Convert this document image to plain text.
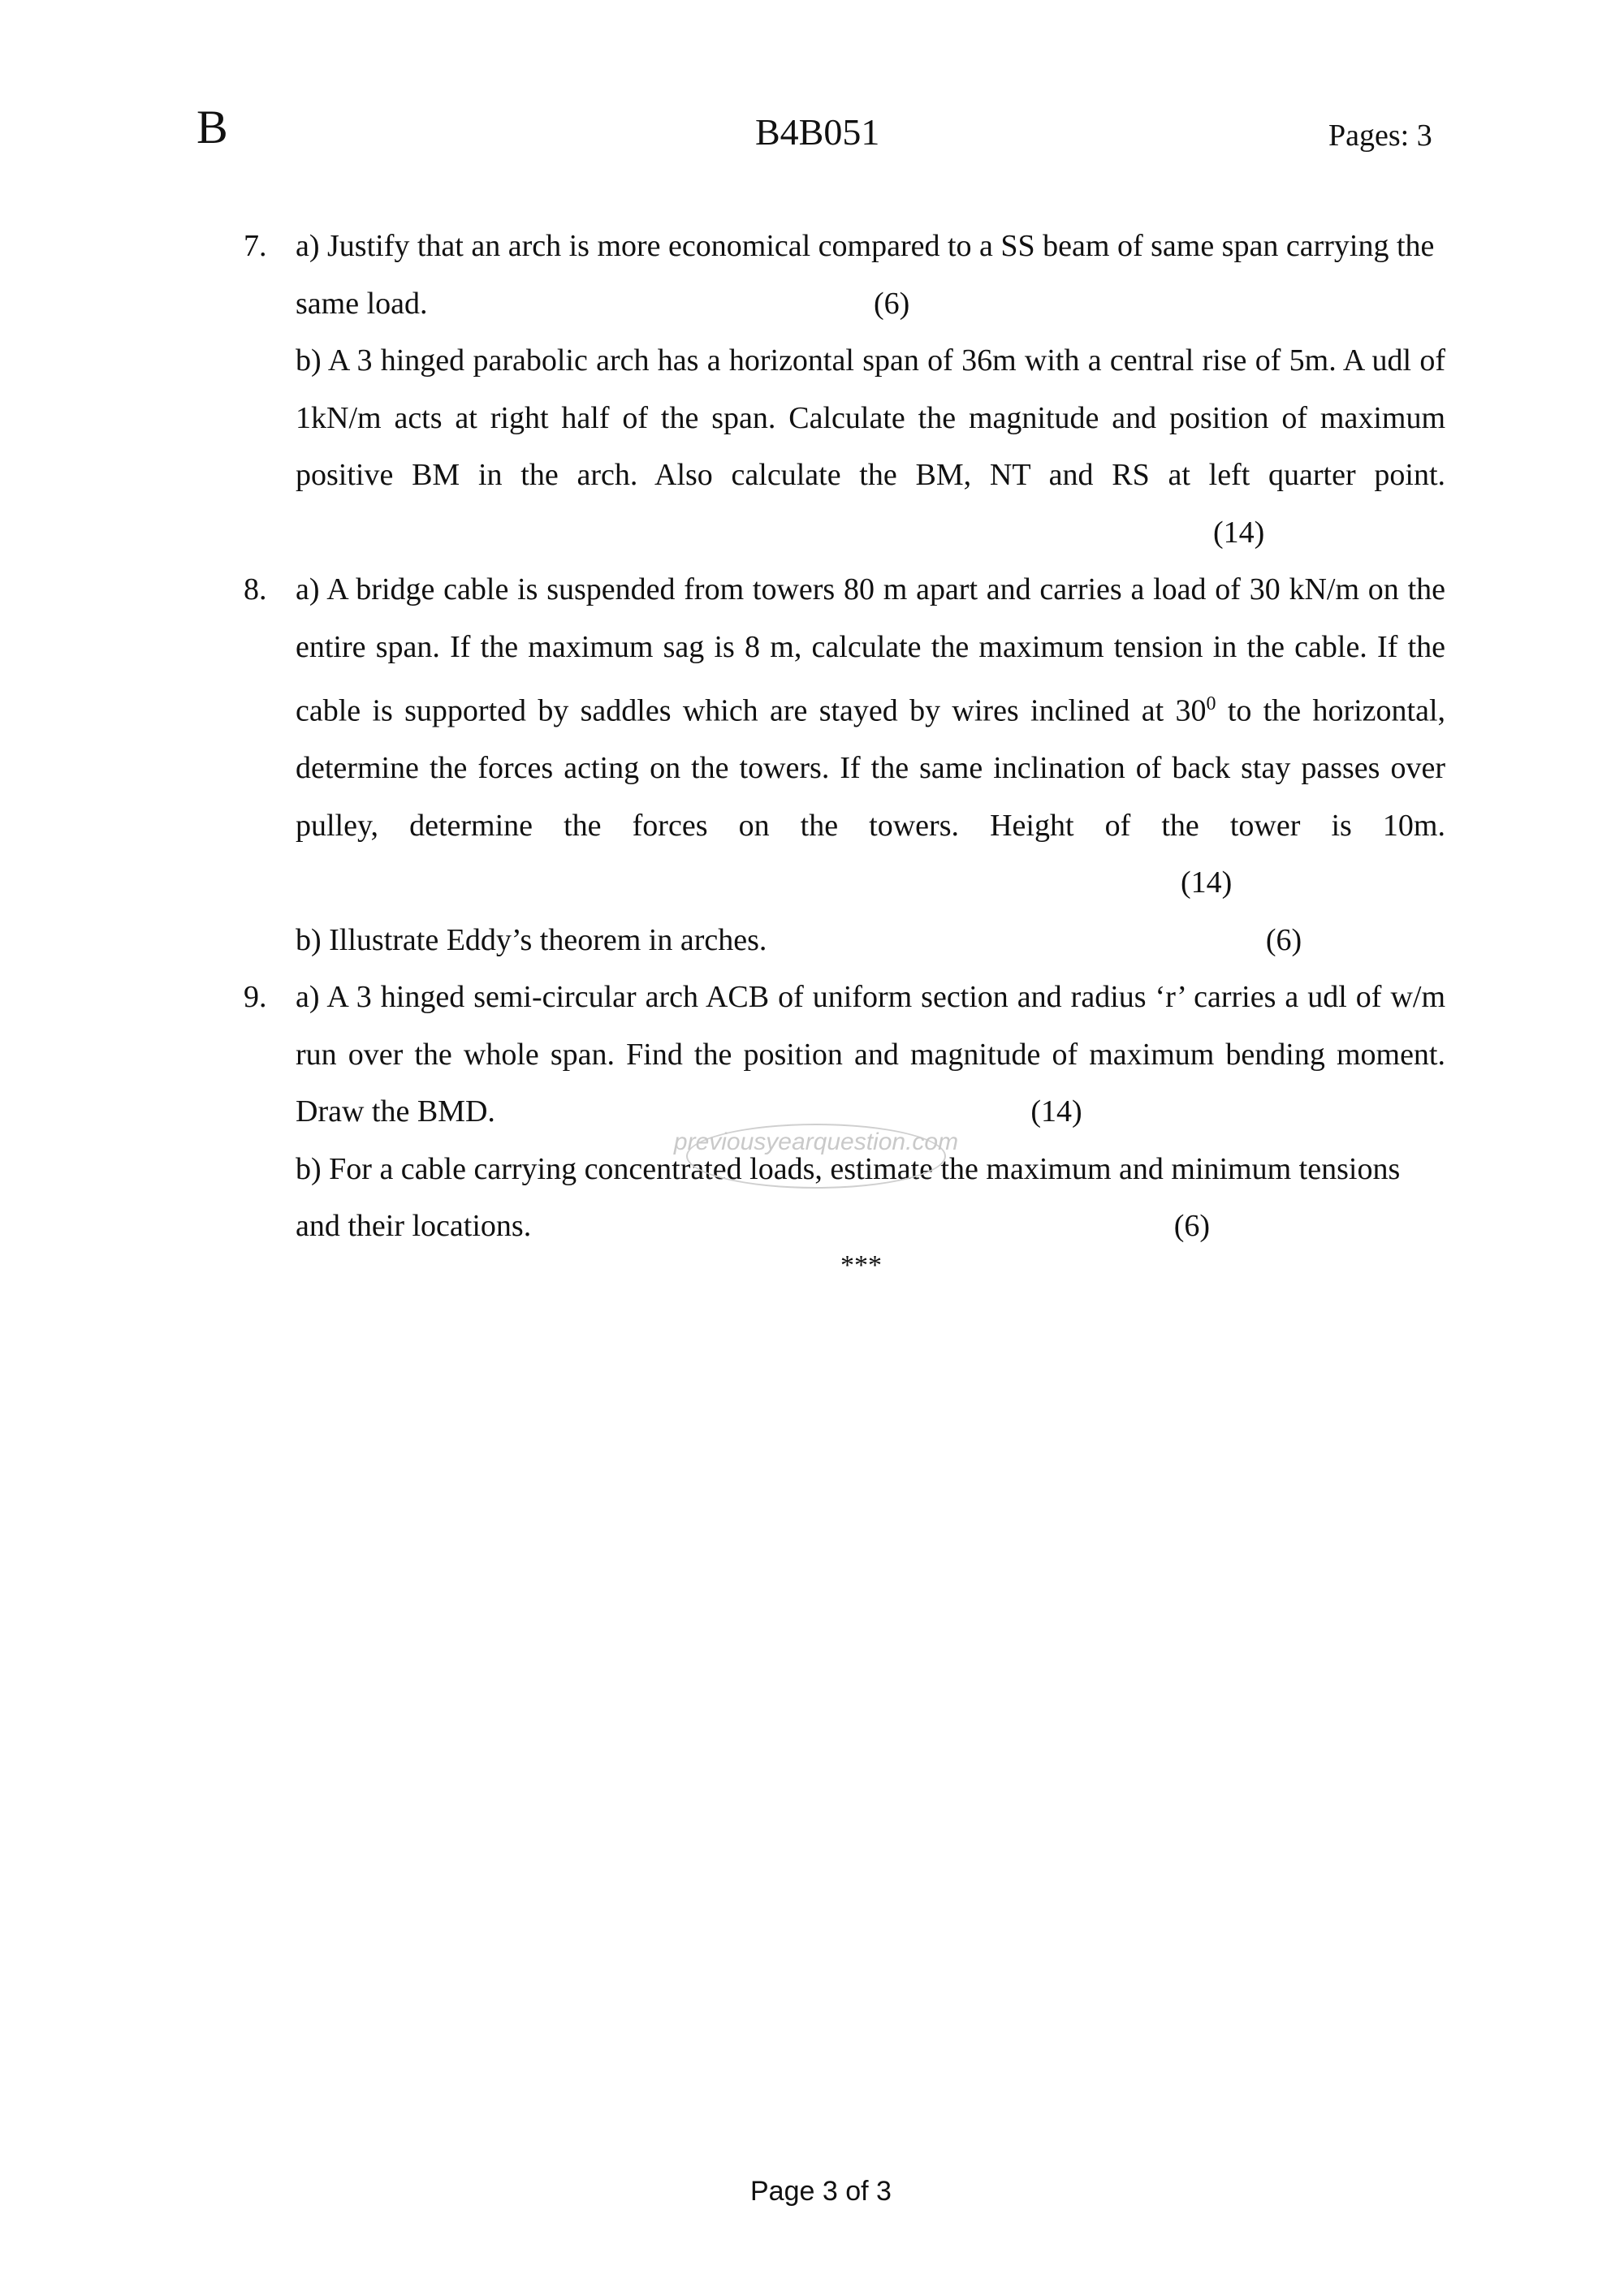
B	B4B051	Pages: 3
7. a) Justify that an arch is more economical compared to a SS beam of same span carrying the same load.	(6)
b) A 3 hinged parabolic arch has a horizontal span of 36m with a central rise of 5m. A udl of 1kN/m acts at right half of the span. Calculate the magnitude and position of maximum positive BM in the arch. Also calculate the BM, NT and RS at left quarter point. (14)
8. a) A bridge cable is suspended from towers 80 m apart and carries a load of 30 kN/m on the entire span. If the maximum sag is 8 m, calculate the maximum tension in the cable. If the cable is supported by saddles which are stayed by wires inclined at $30^0$ to the horizontal, determine the forces acting on the towers. If the same inclination of back stay passes over pulley, determine the forces on the towers. Height of the tower is 10m. (14)
b) Illustrate Eddy’s theorem in arches.	(6)
9. a) A 3 hinged semi-circular arch ACB of uniform section and radius ‘r’ carries a udl of w/m run over the whole span. Find the position and magnitude of maximum bending moment. Draw the BMD.	(14)
b) For a cable carrying concentrated loads, estimate the maximum and minimum tensions and their locations.	(6)
previousyearquestion.com
***
Page 3 of 3
